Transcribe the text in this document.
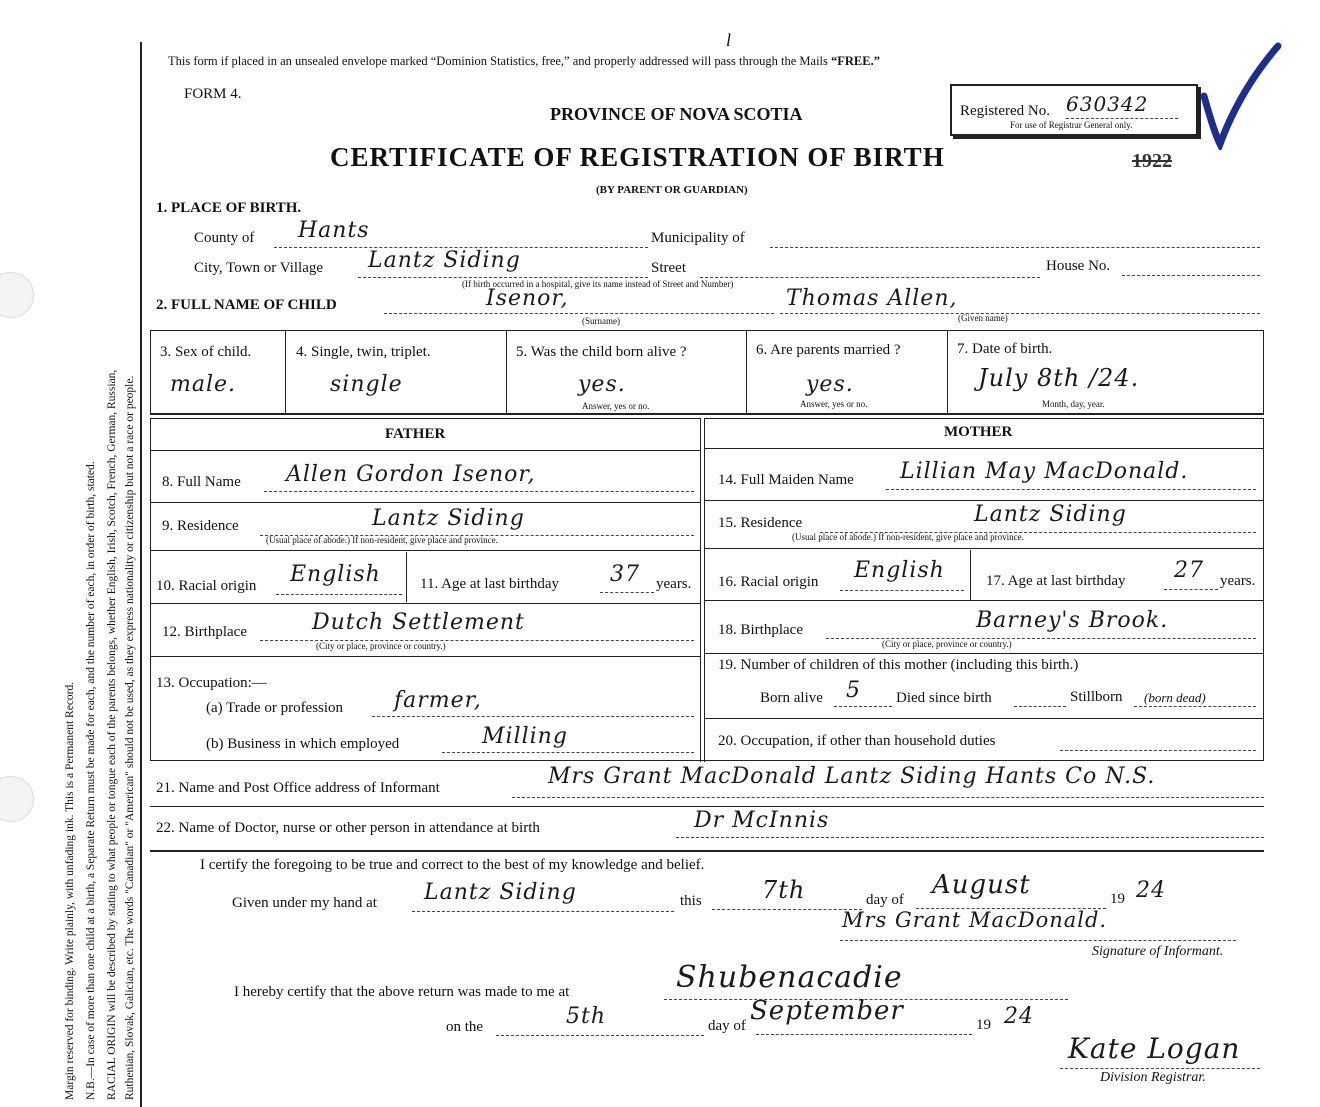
Margin reserved for binding. Write plainly, with unfading ink. This is a Permanent Record. N.B.—In case of more than one child at a birth, a Separate Return must be made for each, and the number of each, in order of birth, stated. RACIAL ORIGIN will be described by stating to what people or tongue each of the parents belongs, whether English, Irish, Scotch, French, German, Russian, Ruthenian, Slovak, Galician, etc. The words "Canadian" or "American" should not be used, as they express nationality or citizenship but not a race or people.
This form if placed in an unsealed envelope marked “Dominion Statistics, free,” and properly addressed will pass through the Mails “FREE.”
l
FORM 4.
PROVINCE OF NOVA SCOTIA
CERTIFICATE OF REGISTRATION OF BIRTH
(BY PARENT OR GUARDIAN)
1922
Registered No. 630342
For use of Registrar General only.
1. PLACE OF BIRTH.
County of Hants	Municipality of
City, Town or Village Lantz Siding	Street	House No.
(If birth occurred in a hospital, give its name instead of Street and Number)
2. FULL NAME OF CHILD	Isenor,	Thomas Allen,
(Surname)	(Given name)
3. Sex of child.
male.
4. Single, twin, triplet.
single
5. Was the child born alive ?
yes.
Answer, yes or no.
6. Are parents married ?
yes.
Answer, yes or no.
7. Date of birth.
July 8th /24.
Month, day, year.
FATHER	MOTHER
8. Full Name Allen Gordon Isenor,
9. Residence	Lantz Siding
(Usual place of abode.) If non-resident, give place and province.
10. Racial origin English	11. Age at last birthday 37 years.
12. Birthplace	Dutch Settlement
(City or place, province or country.)
13. Occupation:—
(a) Trade or profession farmer,
(b) Business in which employed	Milling
14. Full Maiden Name Lillian May MacDonald.
15. Residence	Lantz Siding
(Usual place of abode.) If non-resident, give place and province.
16. Racial origin English	17. Age at last birthday 27 years.
18. Birthplace	Barney's Brook.
(City or place, province or country.)
19. Number of children of this mother (including this birth.)
Born alive 5 Died since birth	Stillborn (born dead)
20. Occupation, if other than household duties
21. Name and Post Office address of Informant	Mrs Grant MacDonald Lantz Siding Hants Co N.S.
22. Name of Doctor, nurse or other person in attendance at birth	Dr McInnis
I certify the foregoing to be true and correct to the best of my knowledge and belief.
Given under my hand at Lantz Siding	this	7th	day of August	19 24
Mrs Grant MacDonald.
Signature of Informant.
I hereby certify that the above return was made to me at	Shubenacadie
on the	5th	day of September	19 24
Kate Logan
Division Registrar.
